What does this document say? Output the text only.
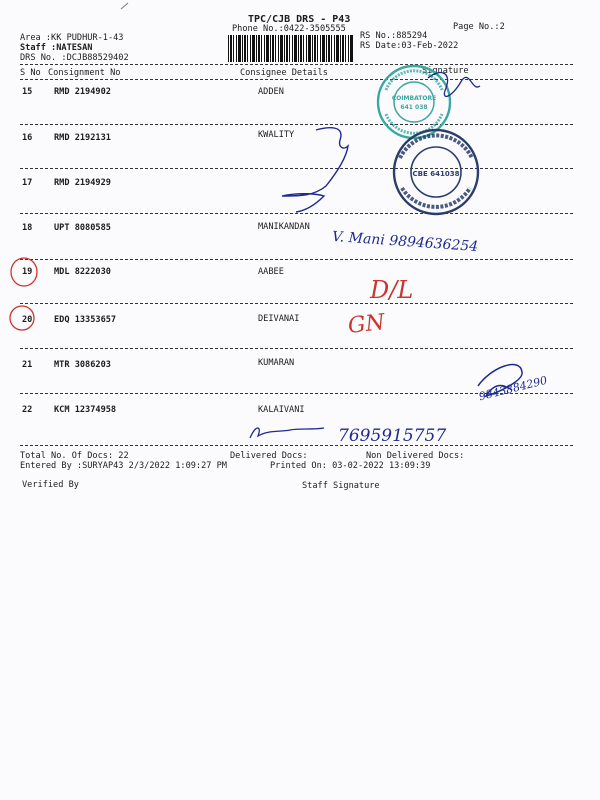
TPC/CJB DRS - P43
Phone No.:0422-3505555	Page No.:2
Area :KK PUDHUR-1-43
Staff :NATESAN
DRS No. :DCJB88529402
RS No.:885294
RS Date:03-Feb-2022
S No Consignment No	Consignee Details	Signature
15	RMD 2194902	ADDEN
16	RMD 2192131	KWALITY
17	RMD 2194929
18	UPT 8080585	MANIKANDAN
19	MDL 8222030	AABEE
20	EDQ 13353657	DEIVANAI
21	MTR 3086203	KUMARAN
22	KCM 12374958	KALAIVANI
Total No. Of Docs: 22	Delivered Docs:	Non Delivered Docs:
Entered By :SURYAP43 2/3/2022 1:09:27 PM	Printed On: 03-02-2022 13:09:39
Verified By	Staff Signature
COIMBATORE
641 038
CBE 641038
V. Mani 9894636254
D/L
GN
9843884290
7695915757
